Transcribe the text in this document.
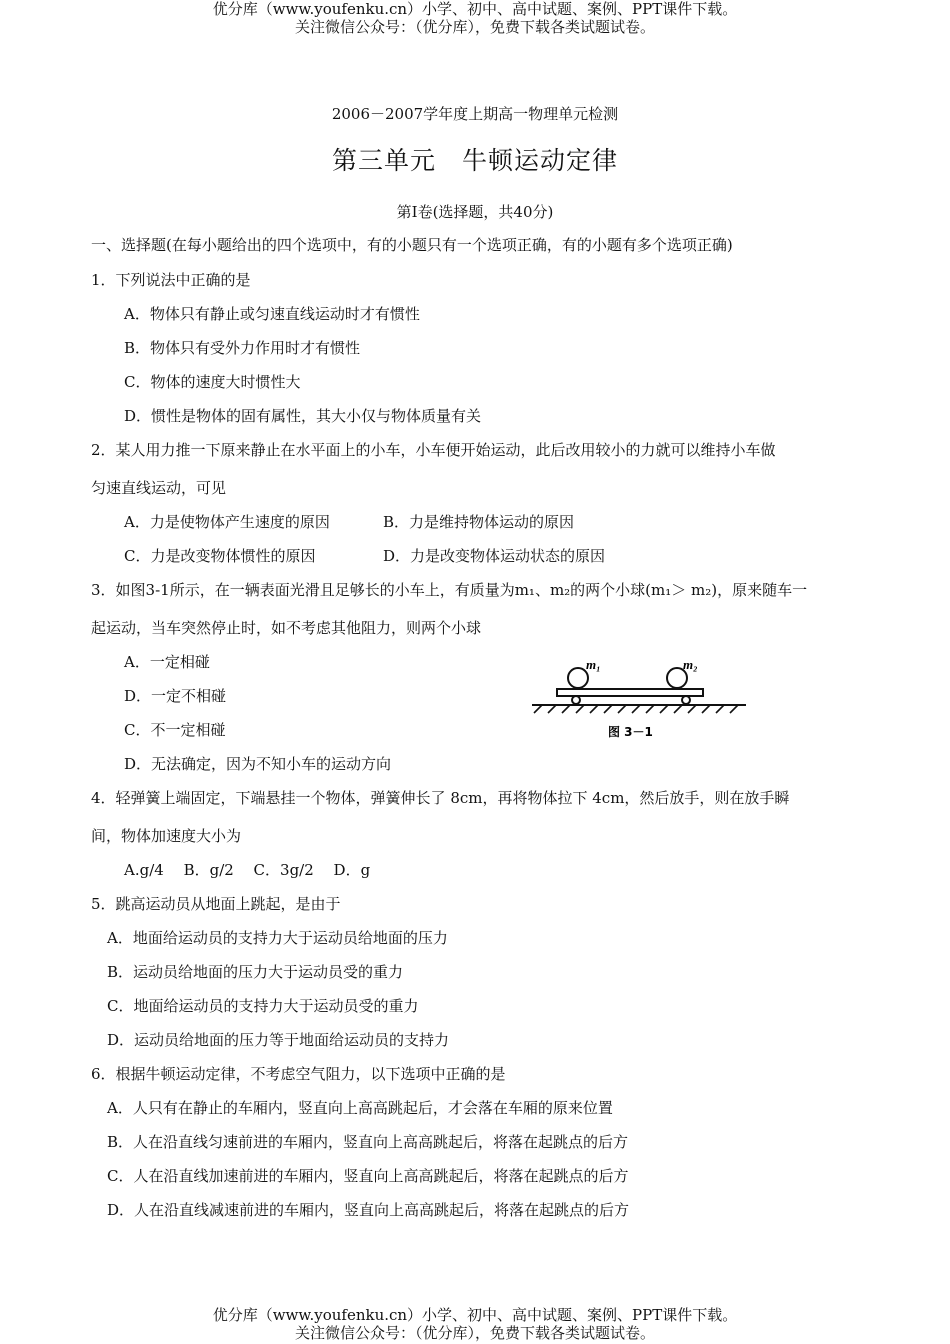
优分库（www.youfenku.cn）小学、初中、高中试题、案例、PPT课件下载。
关注微信公众号：（优分库），免费下载各类试题试卷。
2006－2007学年度上期高一物理单元检测
第三单元　牛顿运动定律
第Ⅰ卷(选择题，共40分)
一、选择题(在每小题给出的四个选项中，有的小题只有一个选项正确，有的小题有多个选项正确)
1．下列说法中正确的是
A．物体只有静止或匀速直线运动时才有惯性
B．物体只有受外力作用时才有惯性
C．物体的速度大时惯性大
D．惯性是物体的固有属性，其大小仅与物体质量有关
2．某人用力推一下原来静止在水平面上的小车，小车便开始运动，此后改用较小的力就可以维持小车做
匀速直线运动，可见
A．力是使物体产生速度的原因	B．力是维持物体运动的原因
C．力是改变物体惯性的原因	D．力是改变物体运动状态的原因
3．如图3-1所示，在一辆表面光滑且足够长的小车上，有质量为m₁、m₂的两个小球(m₁＞ m₂)，原来随车一
起运动，当车突然停止时，如不考虑其他阻力，则两个小球
A．一定相碰
D．一定不相碰
C．不一定相碰
D．无法确定，因为不知小车的运动方向
m₁	m₂
图 3－1
4．轻弹簧上端固定，下端悬挂一个物体，弹簧伸长了 8cm，再将物体拉下 4cm，然后放手，则在放手瞬
间，物体加速度大小为
A.g/4　 B．g/2　 C．3g/2　 D．g
5．跳高运动员从地面上跳起，是由于
A．地面给运动员的支持力大于运动员给地面的压力
B．运动员给地面的压力大于运动员受的重力
C．地面给运动员的支持力大于运动员受的重力
D．运动员给地面的压力等于地面给运动员的支持力
6．根据牛顿运动定律，不考虑空气阻力，以下选项中正确的是
A．人只有在静止的车厢内，竖直向上高高跳起后，才会落在车厢的原来位置
B．人在沿直线匀速前进的车厢内，竖直向上高高跳起后，将落在起跳点的后方
C．人在沿直线加速前进的车厢内，竖直向上高高跳起后，将落在起跳点的后方
D．人在沿直线减速前进的车厢内，竖直向上高高跳起后，将落在起跳点的后方
优分库（www.youfenku.cn）小学、初中、高中试题、案例、PPT课件下载。
关注微信公众号：（优分库），免费下载各类试题试卷。
